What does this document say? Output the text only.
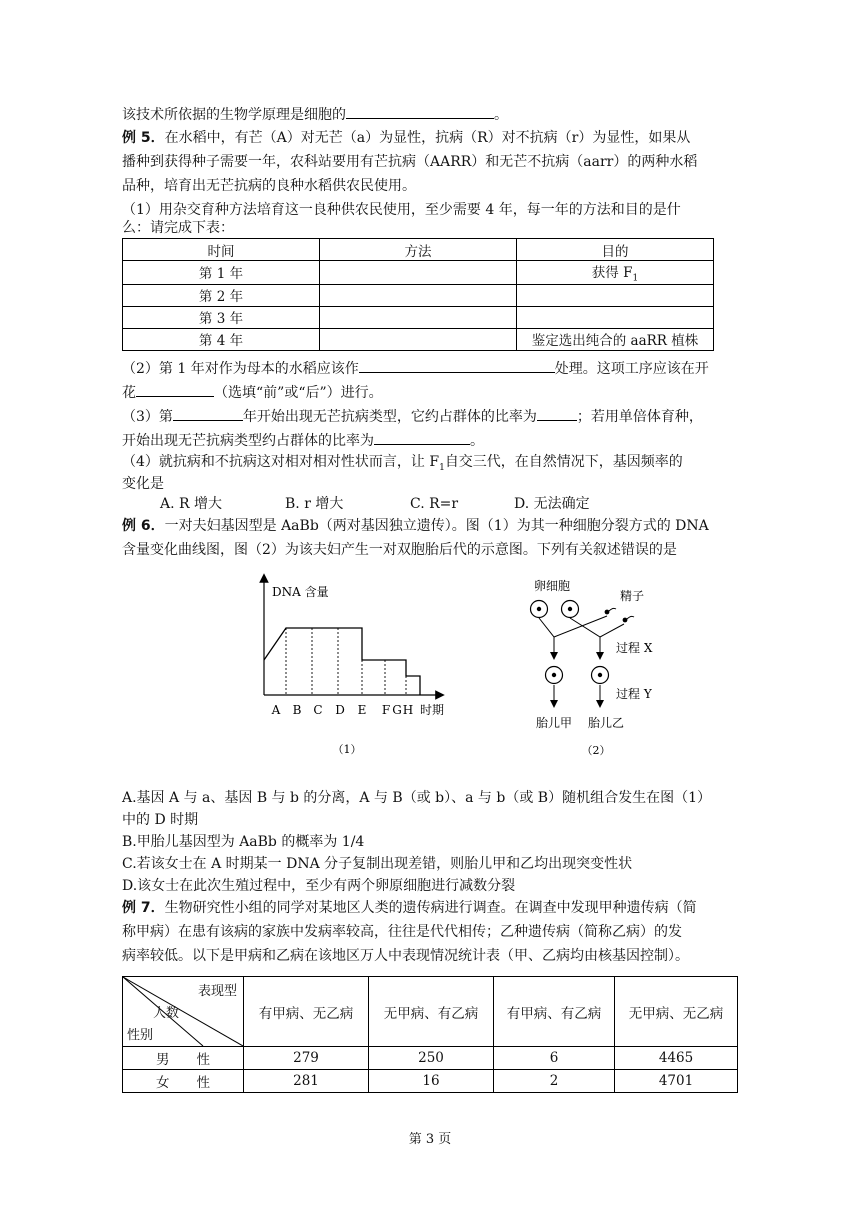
该技术所依据的生物学原理是细胞的	。
例 5．在水稻中，有芒（A）对无芒（a）为显性，抗病（R）对不抗病（r）为显性，如果从
播种到获得种子需要一年，农科站要用有芒抗病（AARR）和无芒不抗病（aarr）的两种水稻
品种，培育出无芒抗病的良种水稻供农民使用。
（1）用杂交育种方法培育这一良种供农民使用，至少需要 4 年，每一年的方法和目的是什
么：请完成下表：
时间	方法	目的
第 1 年		获得 $F_1$
第 2 年		
第 3 年		
第 4 年		鉴定选出纯合的 aaRR 植株
（2）第 1 年对作为母本的水稻应该作	处理。这项工序应该在开
花	（选填“前”或“后”）进行。
（3）第	年开始出现无芒抗病类型，它约占群体的比率为	；若用单倍体育种，
开始出现无芒抗病类型约占群体的比率为	。
（4）就抗病和不抗病这对相对相对性状而言，让 $F_1$自交三代，在自然情况下，基因频率的
变化是
A. R 增大	B. r 增大	C. R=r	D. 无法确定
例 6．一对夫妇基因型是 AaBb（两对基因独立遗传）。图（1）为其一种细胞分裂方式的 DNA
含量变化曲线图，图（2）为该夫妇产生一对双胞胎后代的示意图。下列有关叙述错误的是
DNA 含量
A B C D E F G H 时期
（1）
卵细胞
精子
过程 X
过程 Y
胎儿甲 胎儿乙
（2）
A.基因 A 与 a、基因 B 与 b 的分离，A 与 B（或 b）、a 与 b（或 B）随机组合发生在图（1）
中的 D 时期
B.甲胎儿基因型为 AaBb 的概率为 1/4
C.若该女士在 A 时期某一 DNA 分子复制出现差错，则胎儿甲和乙均出现突变性状
D.该女士在此次生殖过程中，至少有两个卵原细胞进行减数分裂
例 7．生物研究性小组的同学对某地区人类的遗传病进行调查。在调查中发现甲种遗传病（简
称甲病）在患有该病的家族中发病率较高，往往是代代相传；乙种遗传病（简称乙病）的发
病率较低。以下是甲病和乙病在该地区万人中表现情况统计表（甲、乙病均由核基因控制）。
表现型
人数
性别	有甲病、无乙病	无甲病、有乙病	有甲病、有乙病	无甲病、无乙病
男　　性	279	250	6	4465
女　　性	281	16	2	4701
第 3 页
